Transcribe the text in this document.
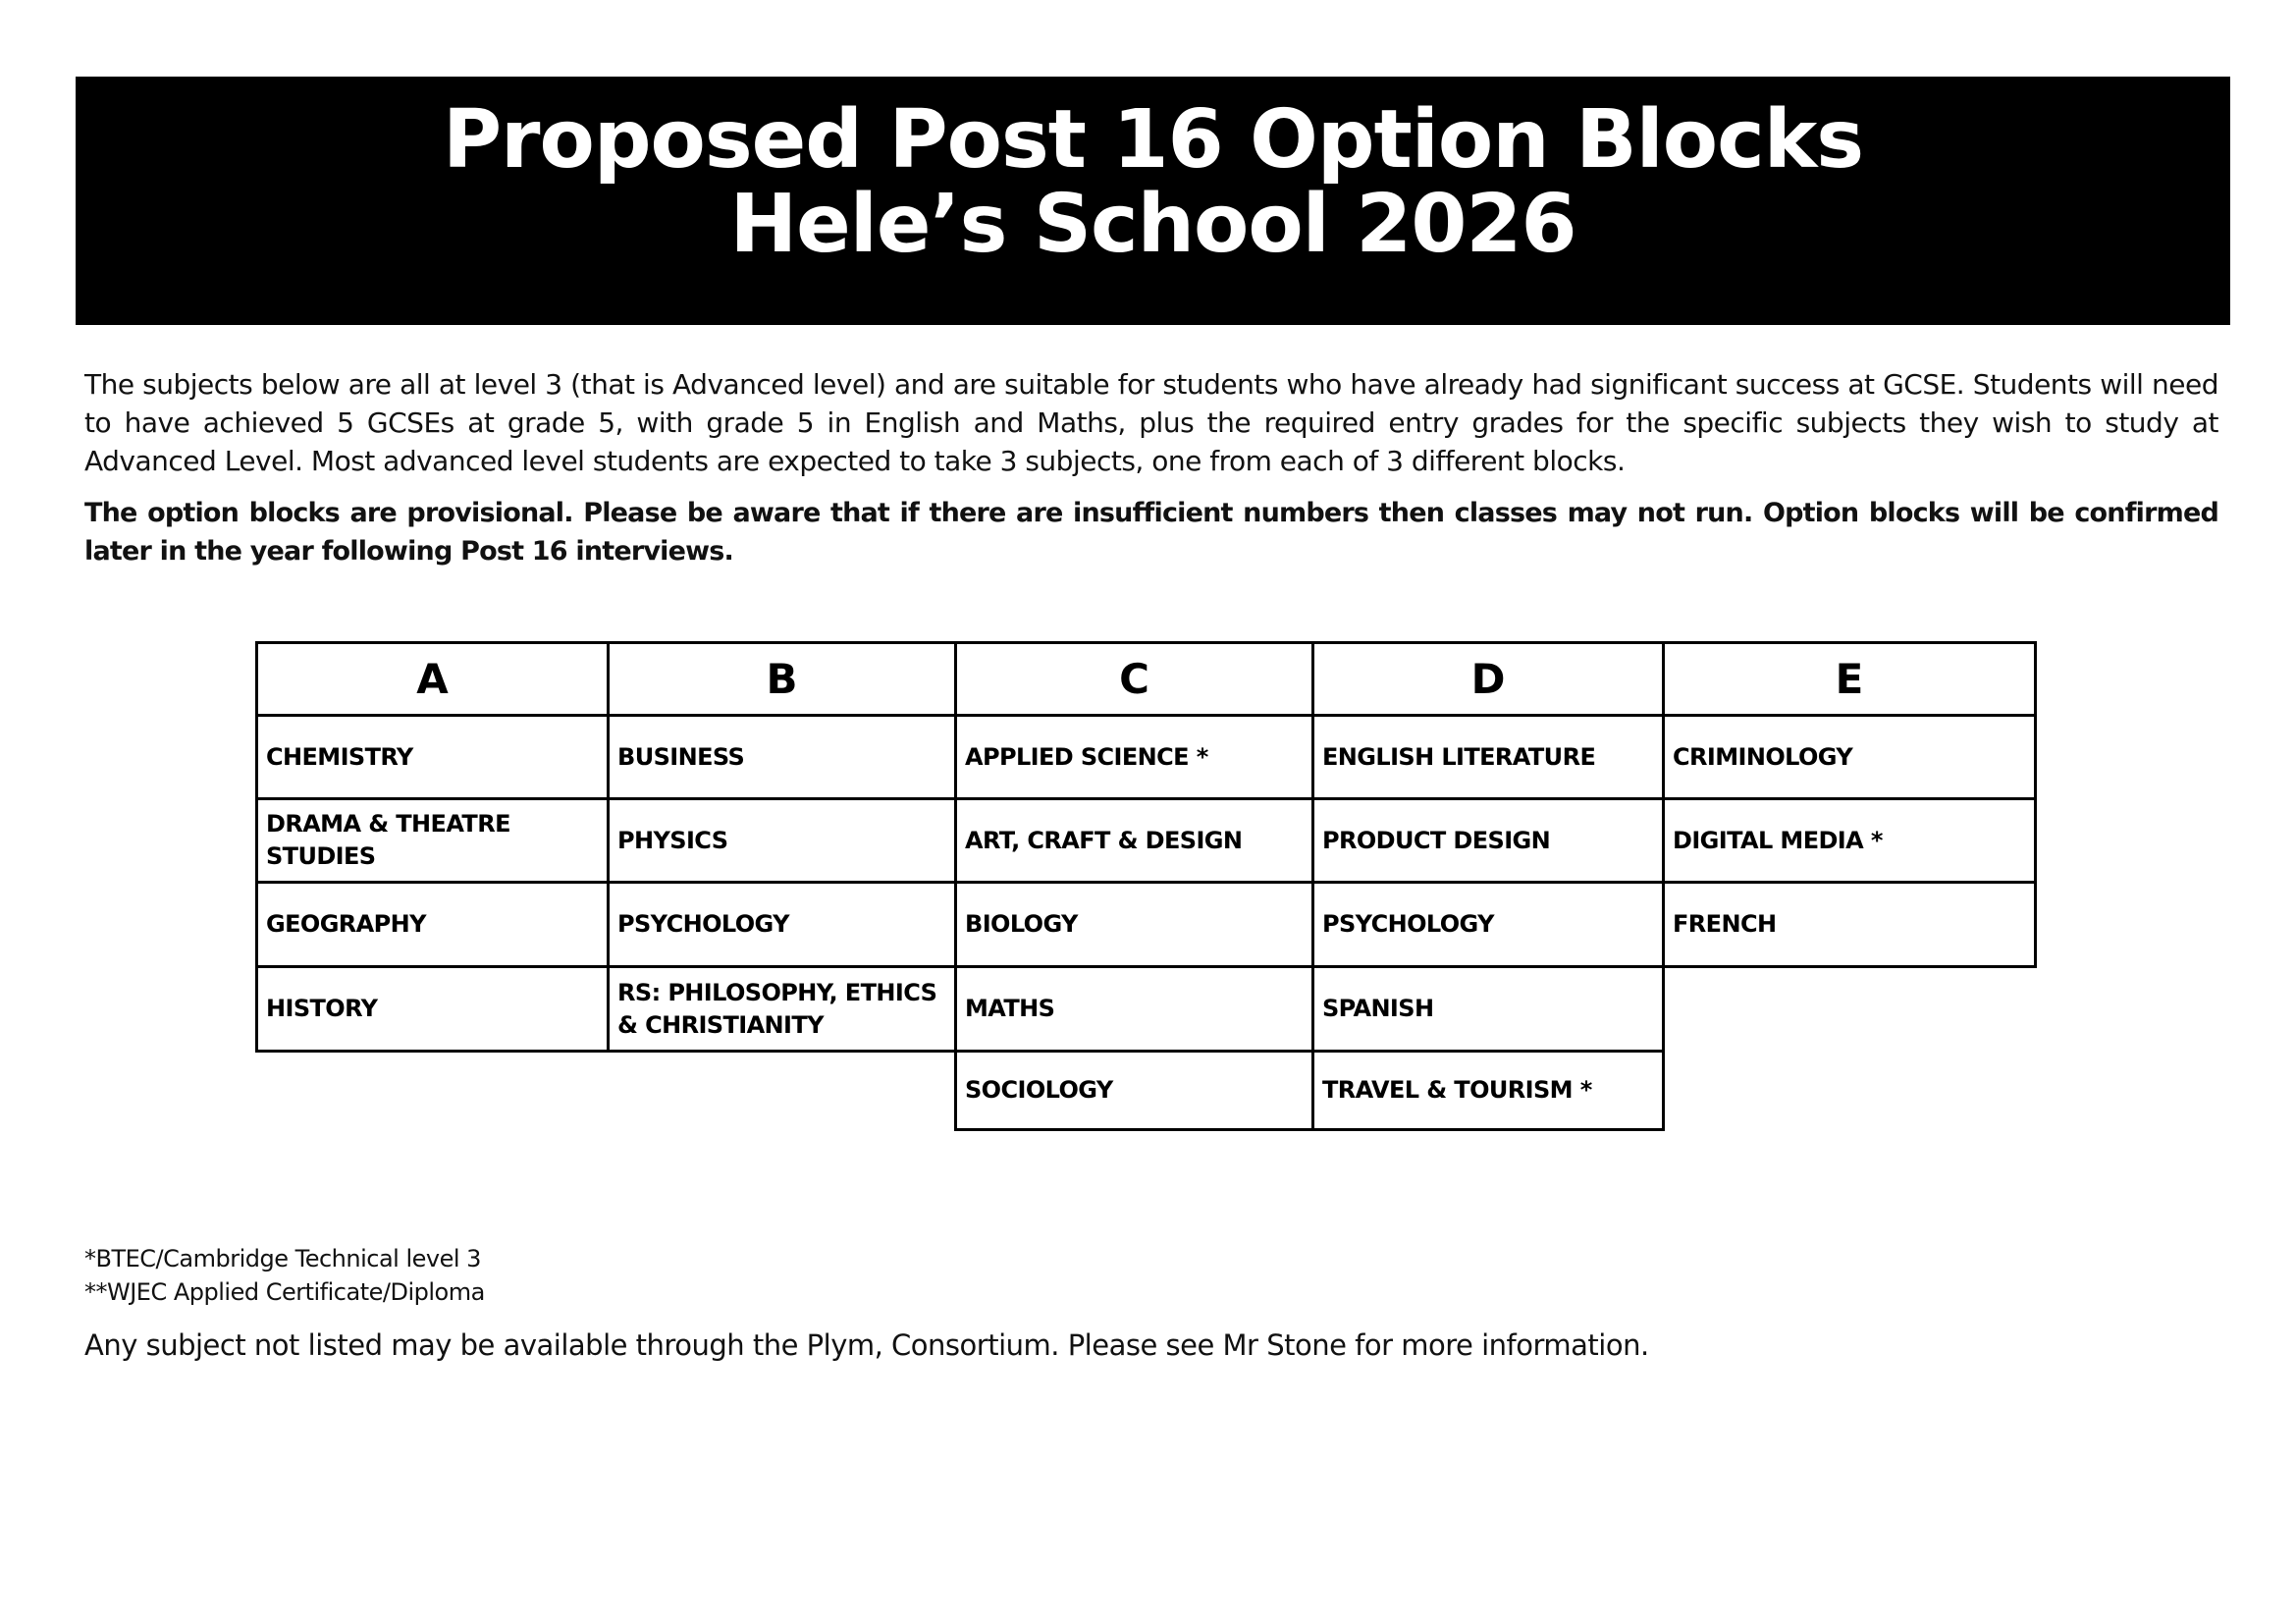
Proposed Post 16 Option Blocks
Hele’s School 2026

The subjects below are all at level 3 (that is Advanced level) and are suitable for students who have already had significant success at GCSE. Students will need to have achieved 5 GCSEs at grade 5, with grade 5 in English and Maths, plus the required entry grades for the specific subjects they wish to study at Advanced Level. Most advanced level students are expected to take 3 subjects, one from each of 3 different blocks.

The option blocks are provisional. Please be aware that if there are insufficient numbers then classes may not run. Option blocks will be confirmed later in the year following Post 16 interviews.

A
CHEMISTRY
DRAMA & THEATRE STUDIES
GEOGRAPHY
HISTORY
B
BUSINESS
PHYSICS
PSYCHOLOGY
RS: PHILOSOPHY, ETHICS & CHRISTIANITY
C
APPLIED SCIENCE *
ART, CRAFT & DESIGN
BIOLOGY
MATHS
SOCIOLOGY
D
ENGLISH LITERATURE
PRODUCT DESIGN
PSYCHOLOGY
SPANISH
TRAVEL & TOURISM *
E
CRIMINOLOGY
DIGITAL MEDIA *
FRENCH
*BTEC/Cambridge Technical level 3
**WJEC Applied Certificate/Diploma
Any subject not listed may be available through the Plym, Consortium. Please see Mr Stone for more information.
